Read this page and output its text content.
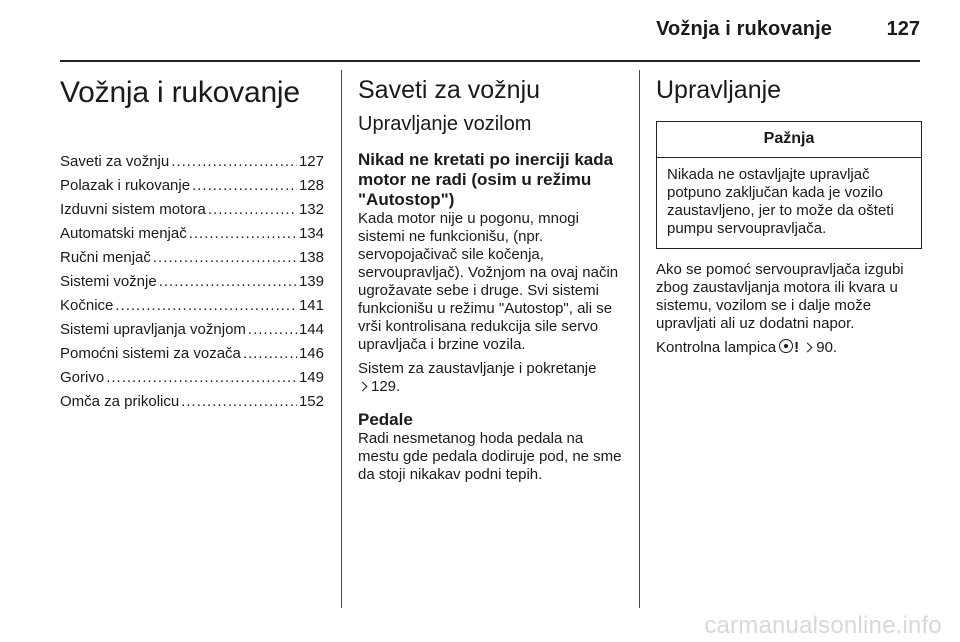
Vožnja i rukovanje	127
Vožnja i rukovanje
Saveti za vožnju .....	127
Polazak i rukovanje .....	128
Izduvni sistem motora .....	132
Automatski menjač .....	134
Ručni menjač .....	138
Sistemi vožnje .....	139
Kočnice .....	141
Sistemi upravljanja vožnjom .....	144
Pomoćni sistemi za vozača .....	146
Gorivo .....	149
Omča za prikolicu .....	152
Saveti za vožnju
Upravljanje vozilom
Nikad ne kretati po inerciji kada motor ne radi (osim u režimu "Autostop")

Kada motor nije u pogonu, mnogi sistemi ne funkcionišu, (npr. servopojačivač sile kočenja, servoupravljač). Vožnjom na ovaj način ugrožavate sebe i druge. Svi sistemi funkcionišu u režimu "Autostop", ali se vrši kontrolisana redukcija sile servo upravljača i brzine vozila.

Sistem za zaustavljanje i pokretanje
129.

Pedale

Radi nesmetanog hoda pedala na mestu gde pedala dodiruje pod, ne sme da stoji nikakav podni tepih.

Upravljanje
Pažnja
Nikada ne ostavljajte upravljač potpuno zaključan kada je vozilo zaustavljeno, jer to može da ošteti pumpu servoupravljača.

Ako se pomoć servoupravljača izgubi zbog zaustavljanja motora ili kvara u sistemu, vozilom se i dalje može upravljati ali uz dodatni napor.

Kontrolna lampica ! 90.

carmanualsonline.info
